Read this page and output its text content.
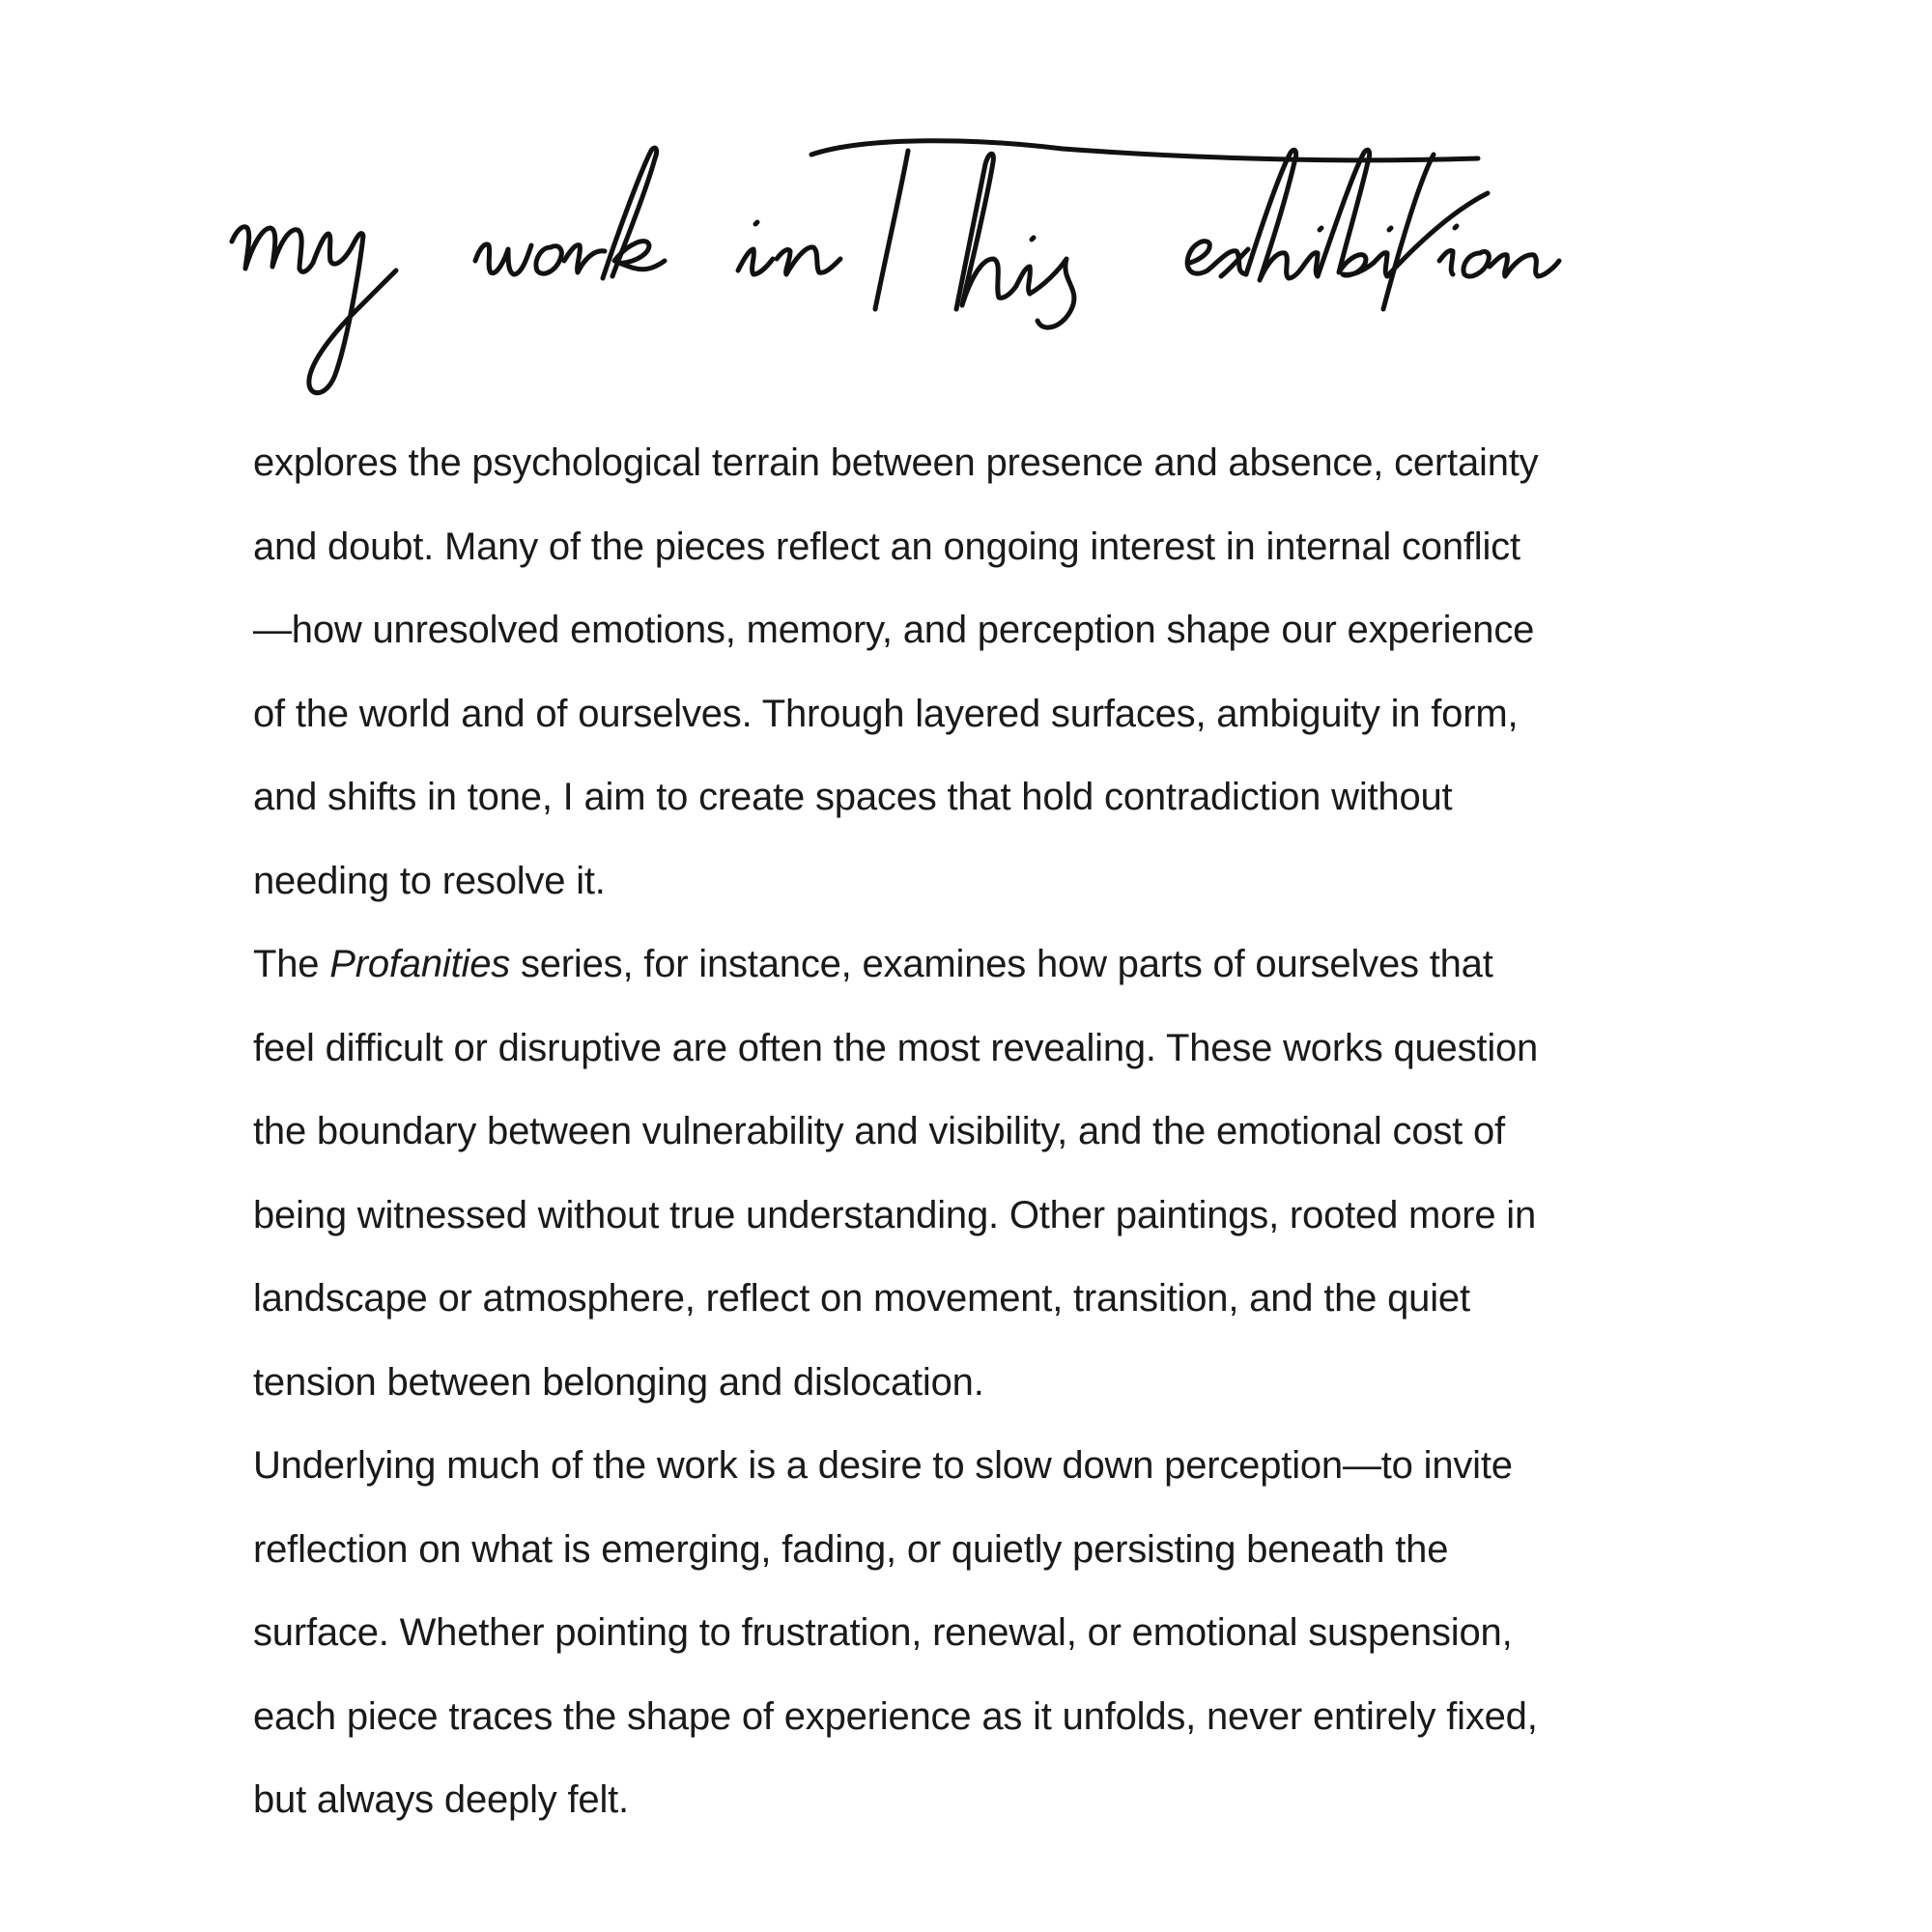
explores the psychological terrain between presence and absence, certainty
and doubt. Many of the pieces reflect an ongoing interest in internal conflict
—how unresolved emotions, memory, and perception shape our experience
of the world and of ourselves. Through layered surfaces, ambiguity in form,
and shifts in tone, I aim to create spaces that hold contradiction without
needing to resolve it.
The Profanities series, for instance, examines how parts of ourselves that
feel difficult or disruptive are often the most revealing. These works question
the boundary between vulnerability and visibility, and the emotional cost of
being witnessed without true understanding. Other paintings, rooted more in
landscape or atmosphere, reflect on movement, transition, and the quiet
tension between belonging and dislocation.
Underlying much of the work is a desire to slow down perception—to invite
reflection on what is emerging, fading, or quietly persisting beneath the
surface. Whether pointing to frustration, renewal, or emotional suspension,
each piece traces the shape of experience as it unfolds, never entirely fixed,
but always deeply felt.
